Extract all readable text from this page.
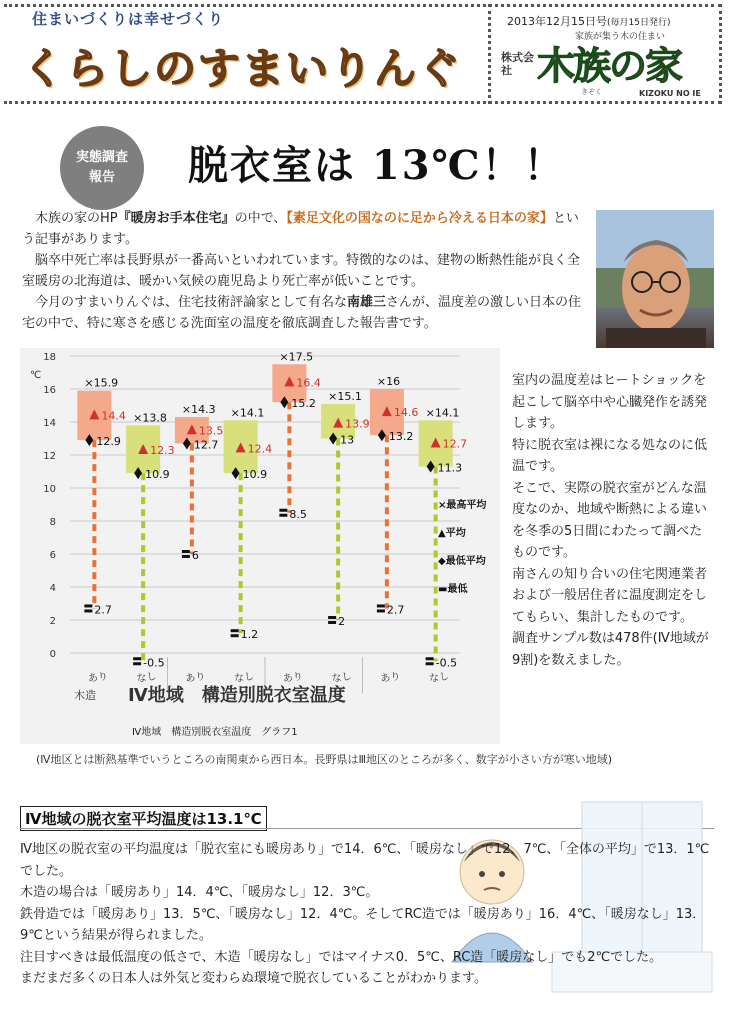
住まいづくりは幸せづくり
くらしのすまいりんぐ
2013年12月15日号(毎月15日発行)
家族が集う木の住まい
株式会社 木族の家
きぞく	KIZOKU NO IE
実態調査
報告	脱衣室は 13℃！！

木族の家のHP『暖房お手本住宅』の中で、【素足文化の国なのに足から冷える日本の家】という記事があります。

脳卒中死亡率は長野県が一番高いといわれています。特徴的なのは、建物の断熱性能が良く全室暖房の北海道は、暖かい気候の鹿児島より死亡率が低いことです。

今月のすまいりんぐは、住宅技術評論家として有名な南雄三さんが、温度差の激しい日本の住宅の中で、特に寒さを感じる洗面室の温度を徹底調査した報告書です。

0
2
4
6
8
10
12
14
16
18
℃
×15.9
14.4
12.9
2.7
あり
×13.8
12.3
10.9
-0.5
なし
×14.3
13.5
12.7
6
あり
×14.1
12.4
10.9
1.2
なし
×17.5
16.4
15.2
8.5
あり
×15.1
13.9
13
2
なし
×16
14.6
13.2
2.7
あり
×14.1
12.7
11.3
-0.5
なし
木造 Ⅳ地域　構造別脱衣室温度
×最高平均
▲平均
◆最低平均
▬最低
Ⅳ地域　構造別脱衣室温度　グラフ1

室内の温度差はヒートショックを起こして脳卒中や心臓発作を誘発します。

特に脱衣室は裸になる処なのに低温です。

そこで、実際の脱衣室がどんな温度なのか、地域や断熱による違いを冬季の5日間にわたって調べたものです。

南さんの知り合いの住宅関連業者および一般居住者に温度測定をしてもらい、集計したものです。

調査サンプル数は478件(Ⅳ地域が9割)を数えました。

(Ⅳ地区とは断熱基準でいうところの南関東から西日本。長野県はⅢ地区のところが多く、数字が小さい方が寒い地域)
Ⅳ地域の脱衣室平均温度は13.1℃

Ⅳ地区の脱衣室の平均温度は「脱衣室にも暖房あり」で14．6℃、「暖房なし」で12．7℃、「全体の平均」で13．1℃でした。

木造の場合は「暖房あり」14．4℃、「暖房なし」12．3℃。

鉄骨造では「暖房あり」13．5℃、「暖房なし」12．4℃。そしてRC造では「暖房あり」16．4℃、「暖房なし」13．9℃という結果が得られました。

注目すべきは最低温度の低さで、木造「暖房なし」ではマイナス0．5℃、RC造「暖房なし」でも2℃でした。

まだまだ多くの日本人は外気と変わらぬ環境で脱衣していることがわかります。
